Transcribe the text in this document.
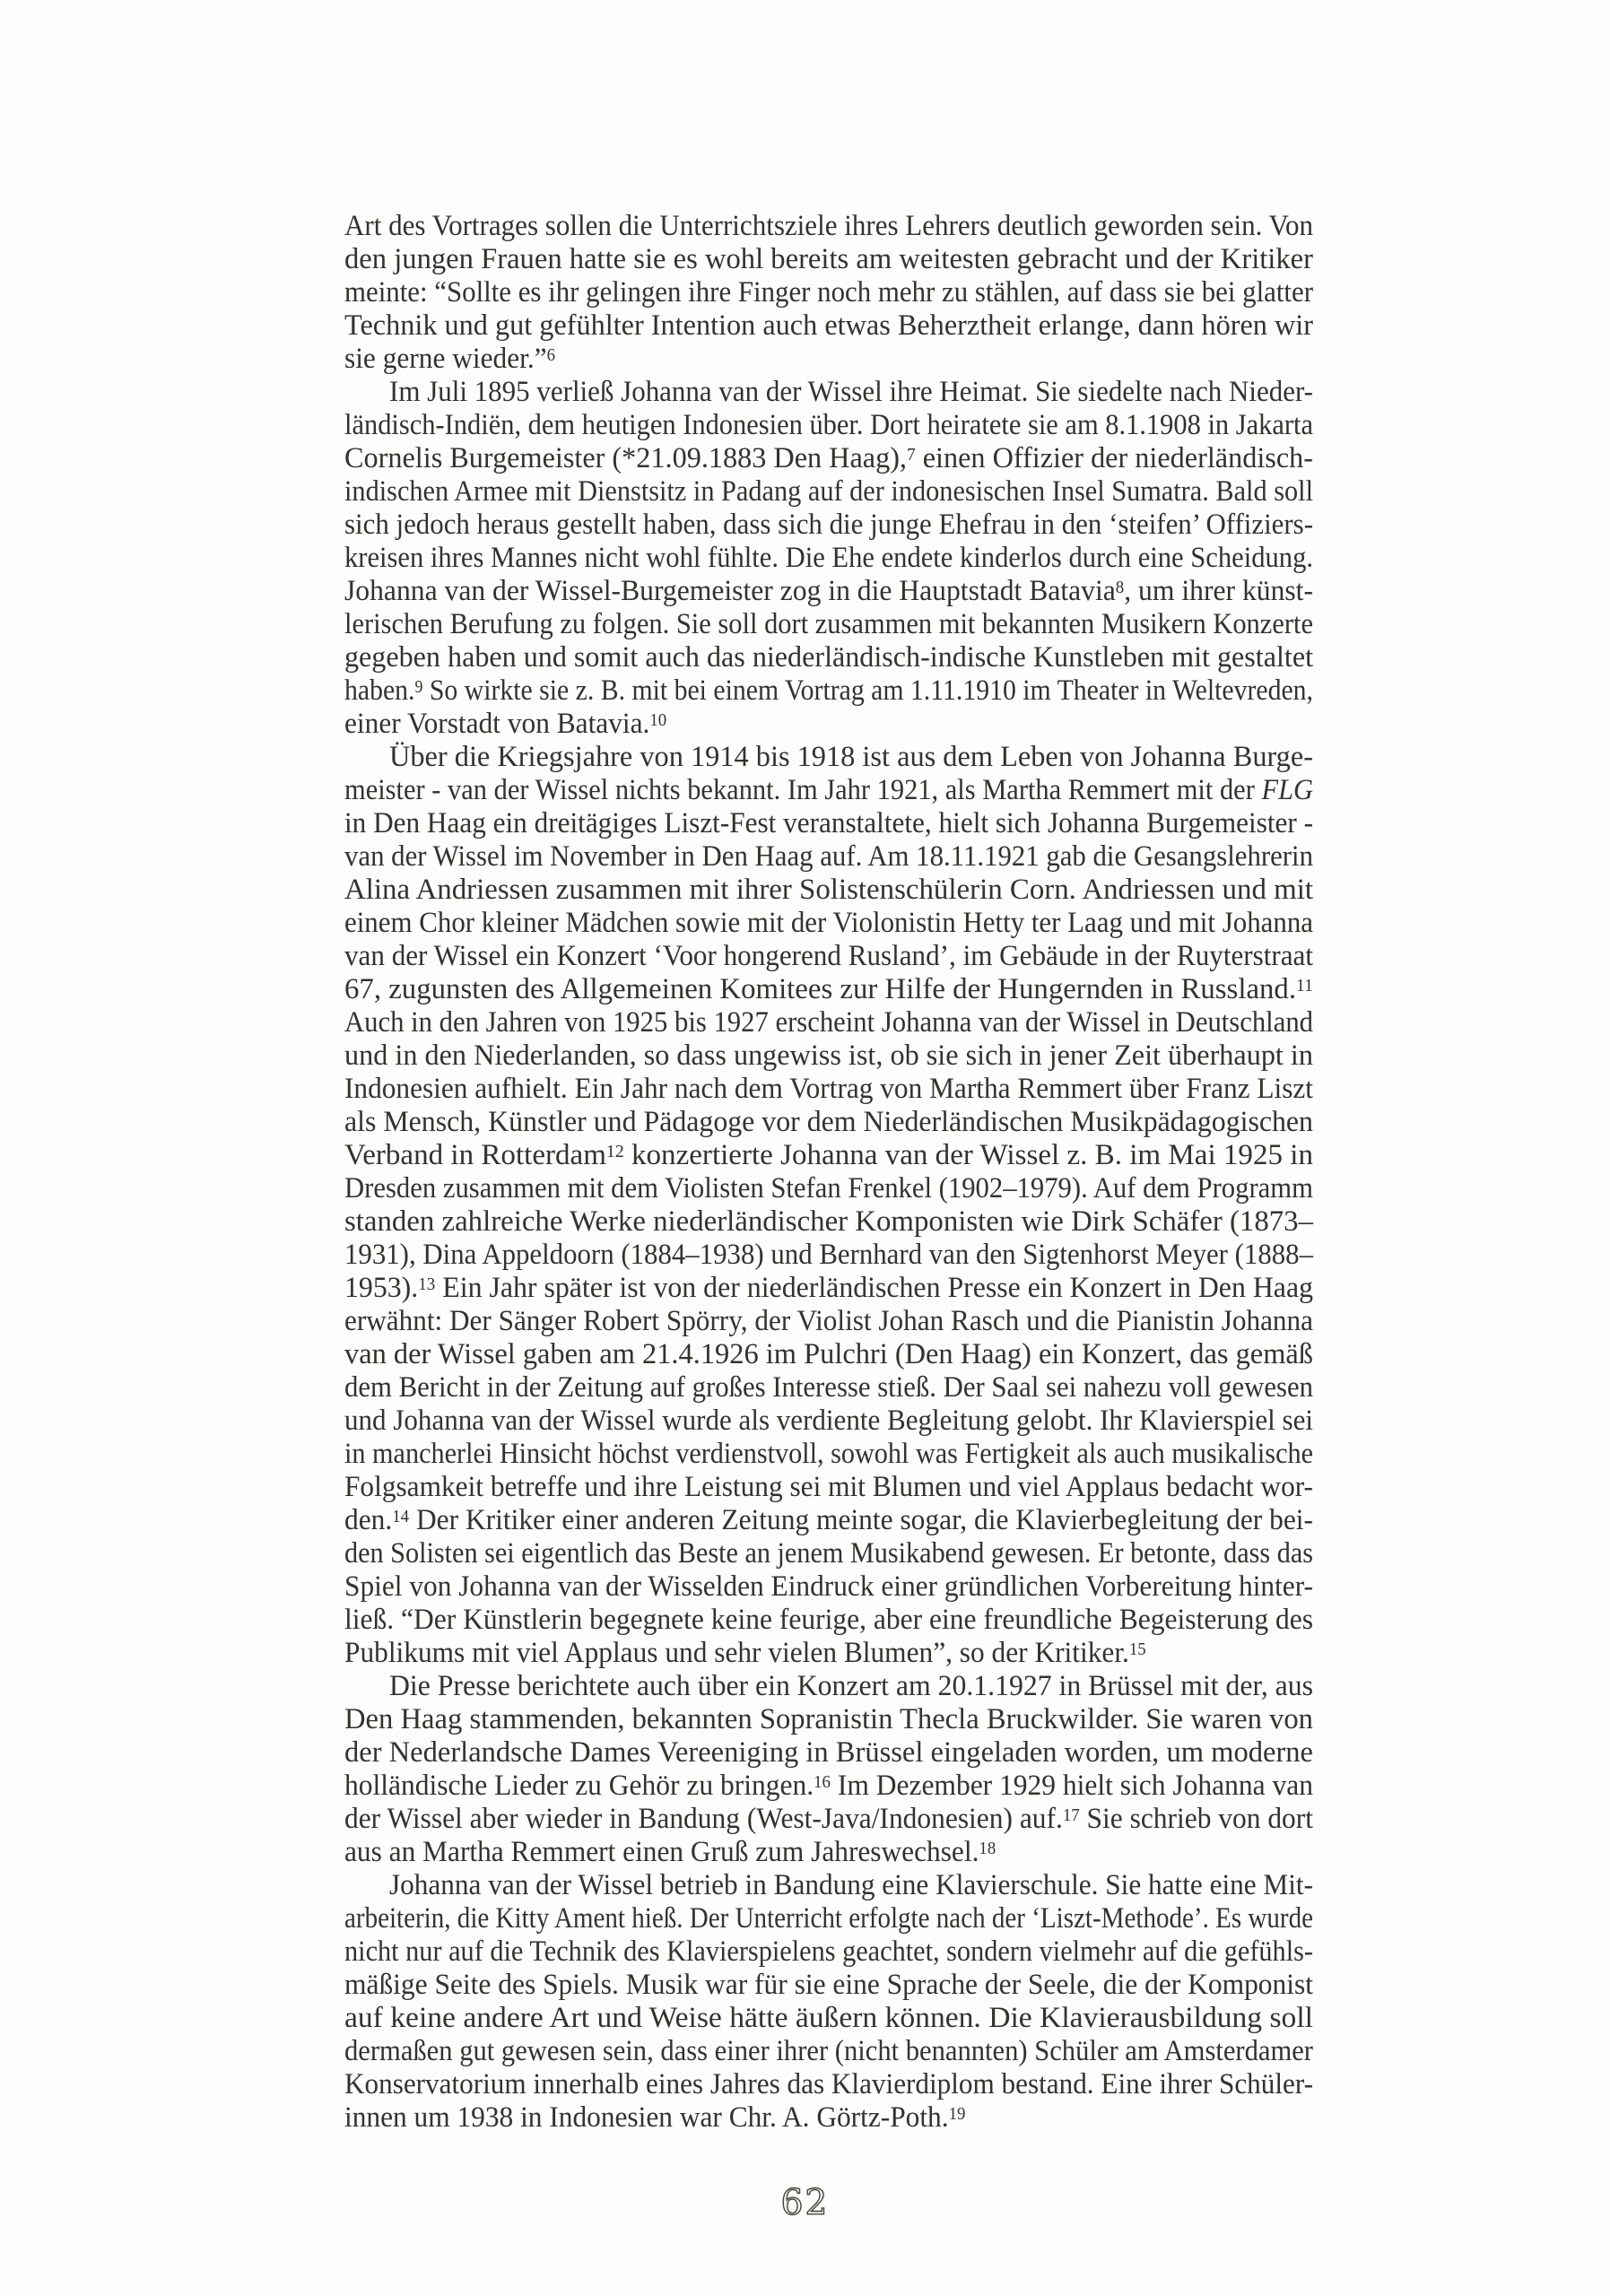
Art des Vortrages sollen die Unterrichtsziele ihres Lehrers deutlich geworden sein. Von
den jungen Frauen hatte sie es wohl bereits am weitesten gebracht und der Kritiker
meinte: “Sollte es ihr gelingen ihre Finger noch mehr zu stählen, auf dass sie bei glatter
Technik und gut gefühlter Intention auch etwas Beherztheit erlange, dann hören wir
sie gerne wieder.”$^6$
Im Juli 1895 verließ Johanna van der Wissel ihre Heimat. Sie siedelte nach Nieder-
ländisch-Indiën, dem heutigen Indonesien über. Dort heiratete sie am 8.1.1908 in Jakarta
Cornelis Burgemeister (*21.09.1883 Den Haag),$^7$ einen Offizier der niederländisch-
indischen Armee mit Dienstsitz in Padang auf der indonesischen Insel Sumatra. Bald soll
sich jedoch heraus gestellt haben, dass sich die junge Ehefrau in den ‘steifen’ Offiziers-
kreisen ihres Mannes nicht wohl fühlte. Die Ehe endete kinderlos durch eine Scheidung.
Johanna van der Wissel-Burgemeister zog in die Hauptstadt Batavia$^8$, um ihrer künst-
lerischen Berufung zu folgen. Sie soll dort zusammen mit bekannten Musikern Konzerte
gegeben haben und somit auch das niederländisch-indische Kunstleben mit gestaltet
haben.$^9$ So wirkte sie z. B. mit bei einem Vortrag am 1.11.1910 im Theater in Weltevreden,
einer Vorstadt von Batavia.$^{10}$
Über die Kriegsjahre von 1914 bis 1918 ist aus dem Leben von Johanna Burge-
meister - van der Wissel nichts bekannt. Im Jahr 1921, als Martha Remmert mit der FLG
in Den Haag ein dreitägiges Liszt-Fest veranstaltete, hielt sich Johanna Burgemeister -
van der Wissel im November in Den Haag auf. Am 18.11.1921 gab die Gesangslehrerin
Alina Andriessen zusammen mit ihrer Solistenschülerin Corn. Andriessen und mit
einem Chor kleiner Mädchen sowie mit der Violonistin Hetty ter Laag und mit Johanna
van der Wissel ein Konzert ‘Voor hongerend Rusland’, im Gebäude in der Ruyterstraat
67, zugunsten des Allgemeinen Komitees zur Hilfe der Hungernden in Russland.$^{11}$
Auch in den Jahren von 1925 bis 1927 erscheint Johanna van der Wissel in Deutschland
und in den Niederlanden, so dass ungewiss ist, ob sie sich in jener Zeit überhaupt in
Indonesien aufhielt. Ein Jahr nach dem Vortrag von Martha Remmert über Franz Liszt
als Mensch, Künstler und Pädagoge vor dem Niederländischen Musikpädagogischen
Verband in Rotterdam$^{12}$ konzertierte Johanna van der Wissel z. B. im Mai 1925 in
Dresden zusammen mit dem Violisten Stefan Frenkel (1902–1979). Auf dem Programm
standen zahlreiche Werke niederländischer Komponisten wie Dirk Schäfer (1873–
1931), Dina Appeldoorn (1884–1938) und Bernhard van den Sigtenhorst Meyer (1888–
1953).$^{13}$ Ein Jahr später ist von der niederländischen Presse ein Konzert in Den Haag
erwähnt: Der Sänger Robert Spörry, der Violist Johan Rasch und die Pianistin Johanna
van der Wissel gaben am 21.4.1926 im Pulchri (Den Haag) ein Konzert, das gemäß
dem Bericht in der Zeitung auf großes Interesse stieß. Der Saal sei nahezu voll gewesen
und Johanna van der Wissel wurde als verdiente Begleitung gelobt. Ihr Klavierspiel sei
in mancherlei Hinsicht höchst verdienstvoll, sowohl was Fertigkeit als auch musikalische
Folgsamkeit betreffe und ihre Leistung sei mit Blumen und viel Applaus bedacht wor-
den.$^{14}$ Der Kritiker einer anderen Zeitung meinte sogar, die Klavierbegleitung der bei-
den Solisten sei eigentlich das Beste an jenem Musikabend gewesen. Er betonte, dass das
Spiel von Johanna van der Wisselden Eindruck einer gründlichen Vorbereitung hinter-
ließ. “Der Künstlerin begegnete keine feurige, aber eine freundliche Begeisterung des
Publikums mit viel Applaus und sehr vielen Blumen”, so der Kritiker.$^{15}$
Die Presse berichtete auch über ein Konzert am 20.1.1927 in Brüssel mit der, aus
Den Haag stammenden, bekannten Sopranistin Thecla Bruckwilder. Sie waren von
der Nederlandsche Dames Vereeniging in Brüssel eingeladen worden, um moderne
holländische Lieder zu Gehör zu bringen.$^{16}$ Im Dezember 1929 hielt sich Johanna van
der Wissel aber wieder in Bandung (West-Java/Indonesien) auf.$^{17}$ Sie schrieb von dort
aus an Martha Remmert einen Gruß zum Jahreswechsel.$^{18}$
Johanna van der Wissel betrieb in Bandung eine Klavierschule. Sie hatte eine Mit-
arbeiterin, die Kitty Ament hieß. Der Unterricht erfolgte nach der ‘Liszt-Methode’. Es wurde
nicht nur auf die Technik des Klavierspielens geachtet, sondern vielmehr auf die gefühls-
mäßige Seite des Spiels. Musik war für sie eine Sprache der Seele, die der Komponist
auf keine andere Art und Weise hätte äußern können. Die Klavierausbildung soll
dermaßen gut gewesen sein, dass einer ihrer (nicht benannten) Schüler am Amsterdamer
Konservatorium innerhalb eines Jahres das Klavierdiplom bestand. Eine ihrer Schüler-
innen um 1938 in Indonesien war Chr. A. Görtz-Poth.$^{19}$
62
